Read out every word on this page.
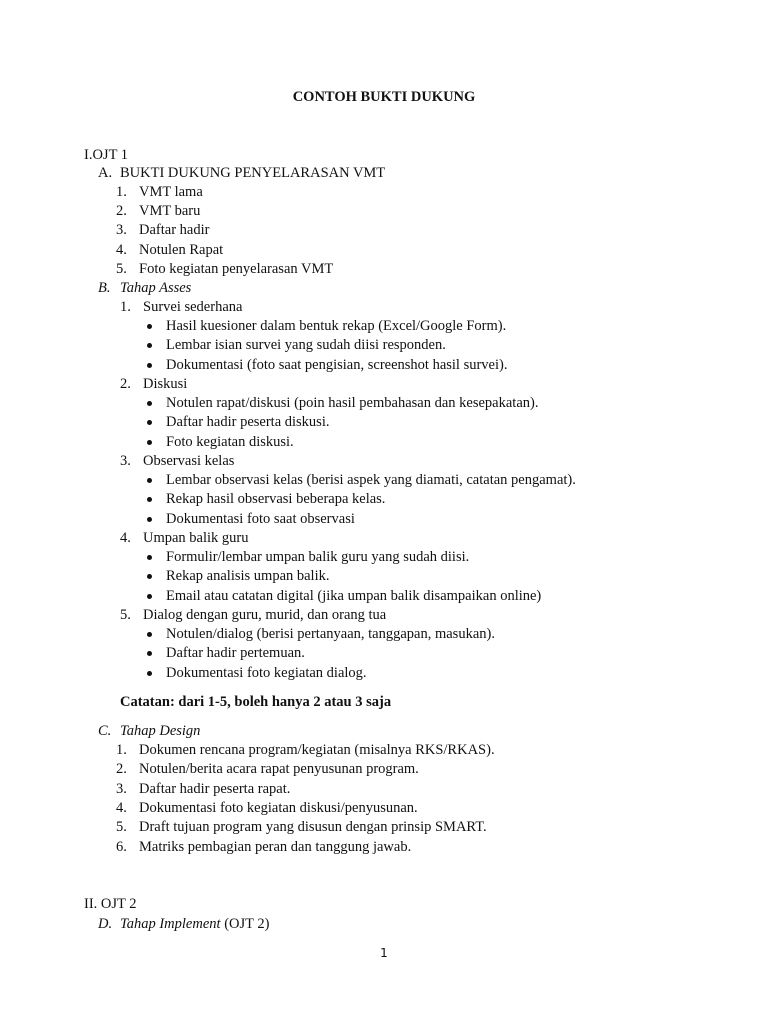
CONTOH BUKTI DUKUNG
I.OJT 1
A. BUKTI DUKUNG PENYELARASAN VMT
1. VMT lama
2. VMT baru
3. Daftar hadir
4. Notulen Rapat
5. Foto kegiatan penyelarasan VMT
B. Tahap Asses
1. Survei sederhana
Hasil kuesioner dalam bentuk rekap (Excel/Google Form).
Lembar isian survei yang sudah diisi responden.
Dokumentasi (foto saat pengisian, screenshot hasil survei).
2. Diskusi
Notulen rapat/diskusi (poin hasil pembahasan dan kesepakatan).
Daftar hadir peserta diskusi.
Foto kegiatan diskusi.
3. Observasi kelas
Lembar observasi kelas (berisi aspek yang diamati, catatan pengamat).
Rekap hasil observasi beberapa kelas.
Dokumentasi foto saat observasi
4. Umpan balik guru
Formulir/lembar umpan balik guru yang sudah diisi.
Rekap analisis umpan balik.
Email atau catatan digital (jika umpan balik disampaikan online)
5. Dialog dengan guru, murid, dan orang tua
Notulen/dialog (berisi pertanyaan, tanggapan, masukan).
Daftar hadir pertemuan.
Dokumentasi foto kegiatan dialog.
Catatan: dari 1-5, boleh hanya 2 atau 3 saja
C. Tahap Design
1. Dokumen rencana program/kegiatan (misalnya RKS/RKAS).
2. Notulen/berita acara rapat penyusunan program.
3. Daftar hadir peserta rapat.
4. Dokumentasi foto kegiatan diskusi/penyusunan.
5. Draft tujuan program yang disusun dengan prinsip SMART.
6. Matriks pembagian peran dan tanggung jawab.
II. OJT 2
D. Tahap Implement (OJT 2)
1
